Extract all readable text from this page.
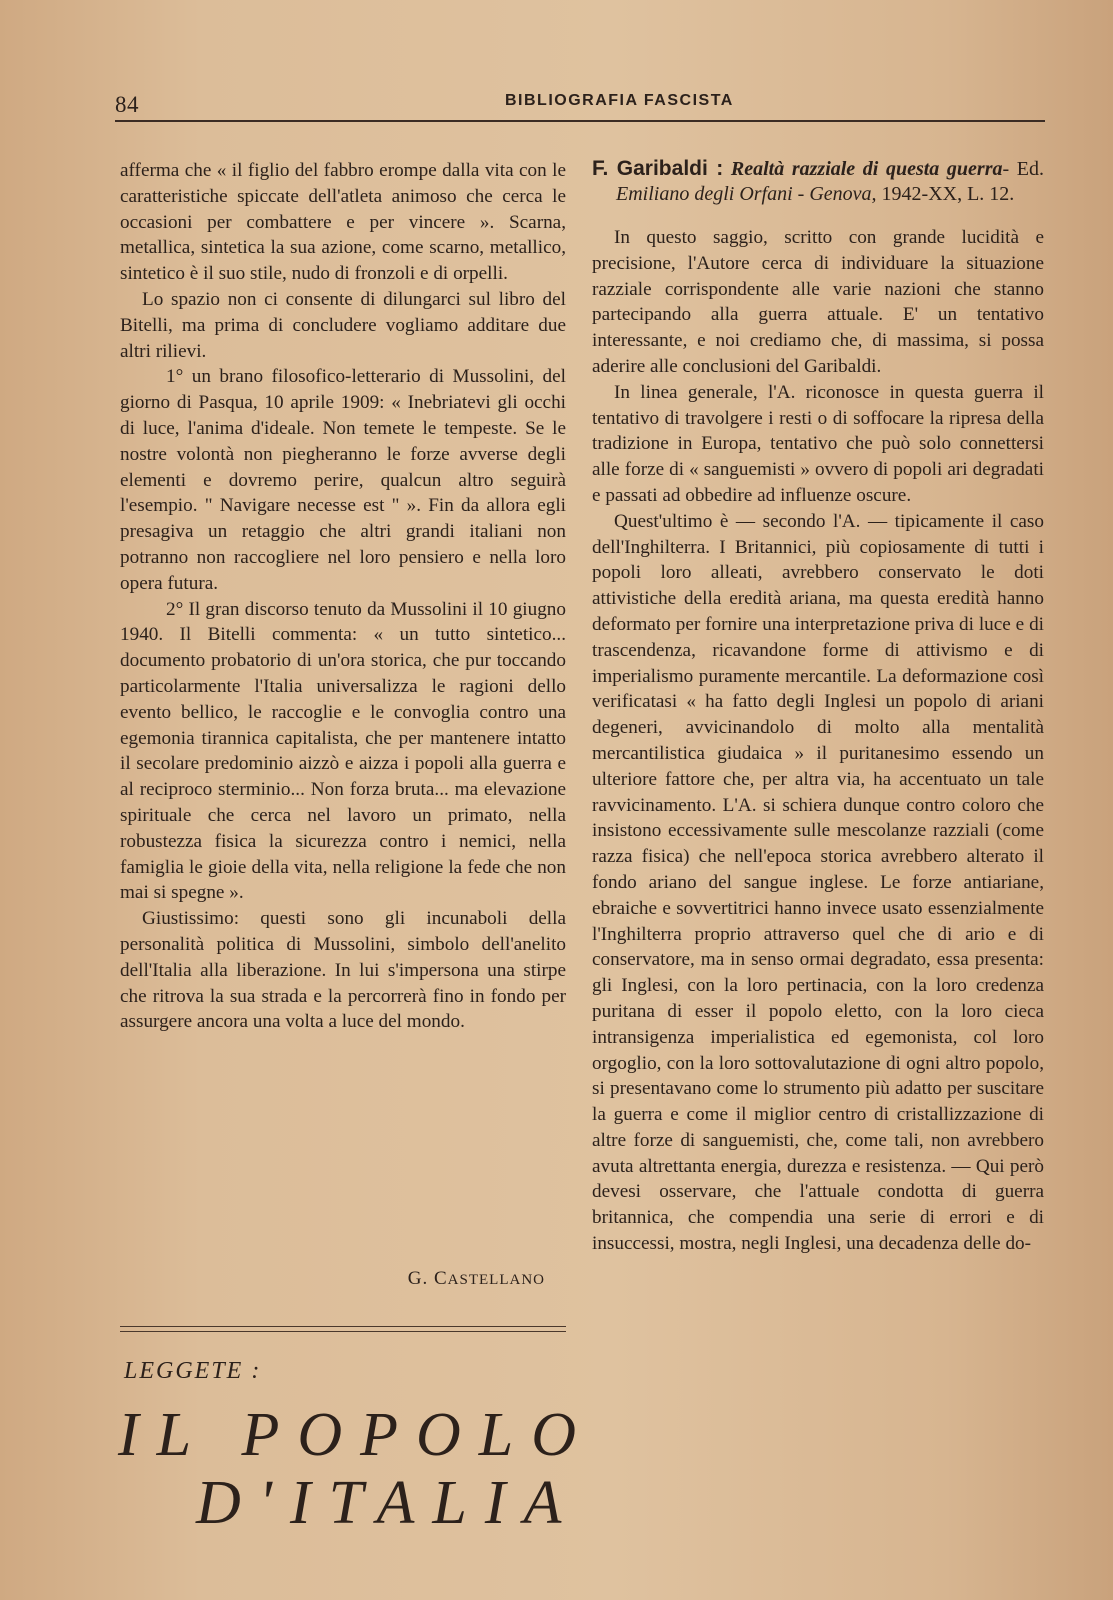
84	BIBLIOGRAFIA FASCISTA

afferma che « il figlio del fabbro erompe dalla vita con le caratteristiche spiccate dell'atleta animoso che cerca le occasioni per combattere e per vincere ». Scarna, metallica, sintetica la sua azione, come scarno, metallico, sintetico è il suo stile, nudo di fronzoli e di orpelli.

Lo spazio non ci consente di dilungarci sul libro del Bitelli, ma prima di concludere vogliamo additare due altri rilievi.

1° un brano filosofico-letterario di Mussolini, del giorno di Pasqua, 10 aprile 1909: « Inebriatevi gli occhi di luce, l'anima d'ideale. Non temete le tempeste. Se le nostre volontà non piegheranno le forze avverse degli elementi e dovremo perire, qualcun altro seguirà l'esempio. " Navigare necesse est " ». Fin da allora egli presagiva un retaggio che altri grandi italiani non potranno non raccogliere nel loro pensiero e nella loro opera futura.

2° Il gran discorso tenuto da Mussolini il 10 giugno 1940. Il Bitelli commenta: « un tutto sintetico... documento probatorio di un'ora storica, che pur toccando particolarmente l'Italia universalizza le ragioni dello evento bellico, le raccoglie e le convoglia contro una egemonia tirannica capitalista, che per mantenere intatto il secolare predominio aizzò e aizza i popoli alla guerra e al reciproco sterminio... Non forza bruta... ma elevazione spirituale che cerca nel lavoro un primato, nella robustezza fisica la sicurezza contro i nemici, nella famiglia le gioie della vita, nella religione la fede che non mai si spegne ».

Giustissimo: questi sono gli incunaboli della personalità politica di Mussolini, simbolo dell'anelito dell'Italia alla liberazione. In lui s'impersona una stirpe che ritrova la sua strada e la percorrerà fino in fondo per assurgere ancora una volta a luce del mondo.

G. CASTELLANO
LEGGETE :
IL POPOLO
D'ITALIA

F. Garibaldi : Realtà razziale di questa guerra- Ed. Emiliano degli Orfani - Genova, 1942-XX, L. 12.

In questo saggio, scritto con grande lucidità e precisione, l'Autore cerca di individuare la situazione razziale corrispondente alle varie nazioni che stanno partecipando alla guerra attuale. E' un tentativo interessante, e noi crediamo che, di massima, si possa aderire alle conclusioni del Garibaldi.

In linea generale, l'A. riconosce in questa guerra il tentativo di travolgere i resti o di soffocare la ripresa della tradizione in Europa, tentativo che può solo connettersi alle forze di « sanguemisti » ovvero di popoli ari degradati e passati ad obbedire ad influenze oscure.

Quest'ultimo è — secondo l'A. — tipicamente il caso dell'Inghilterra. I Britannici, più copiosamente di tutti i popoli loro alleati, avrebbero conservato le doti attivistiche della eredità ariana, ma questa eredità hanno deformato per fornire una interpretazione priva di luce e di trascendenza, ricavandone forme di attivismo e di imperialismo puramente mercantile. La deformazione così verificatasi « ha fatto degli Inglesi un popolo di ariani degeneri, avvicinandolo di molto alla mentalità mercantilistica giudaica » il puritanesimo essendo un ulteriore fattore che, per altra via, ha accentuato un tale ravvicinamento. L'A. si schiera dunque contro coloro che insistono eccessivamente sulle mescolanze razziali (come razza fisica) che nell'epoca storica avrebbero alterato il fondo ariano del sangue inglese. Le forze antiariane, ebraiche e sovvertitrici hanno invece usato essenzialmente l'Inghilterra proprio attraverso quel che di ario e di conservatore, ma in senso ormai degradato, essa presenta: gli Inglesi, con la loro pertinacia, con la loro credenza puritana di esser il popolo eletto, con la loro cieca intransigenza imperialistica ed egemonista, col loro orgoglio, con la loro sottovalutazione di ogni altro popolo, si presentavano come lo strumento più adatto per suscitare la guerra e come il miglior centro di cristallizzazione di altre forze di sanguemisti, che, come tali, non avrebbero avuta altrettanta energia, durezza e resistenza. — Qui però devesi osservare, che l'attuale condotta di guerra britannica, che compendia una serie di errori e di insuccessi, mostra, negli Inglesi, una decadenza delle do-
